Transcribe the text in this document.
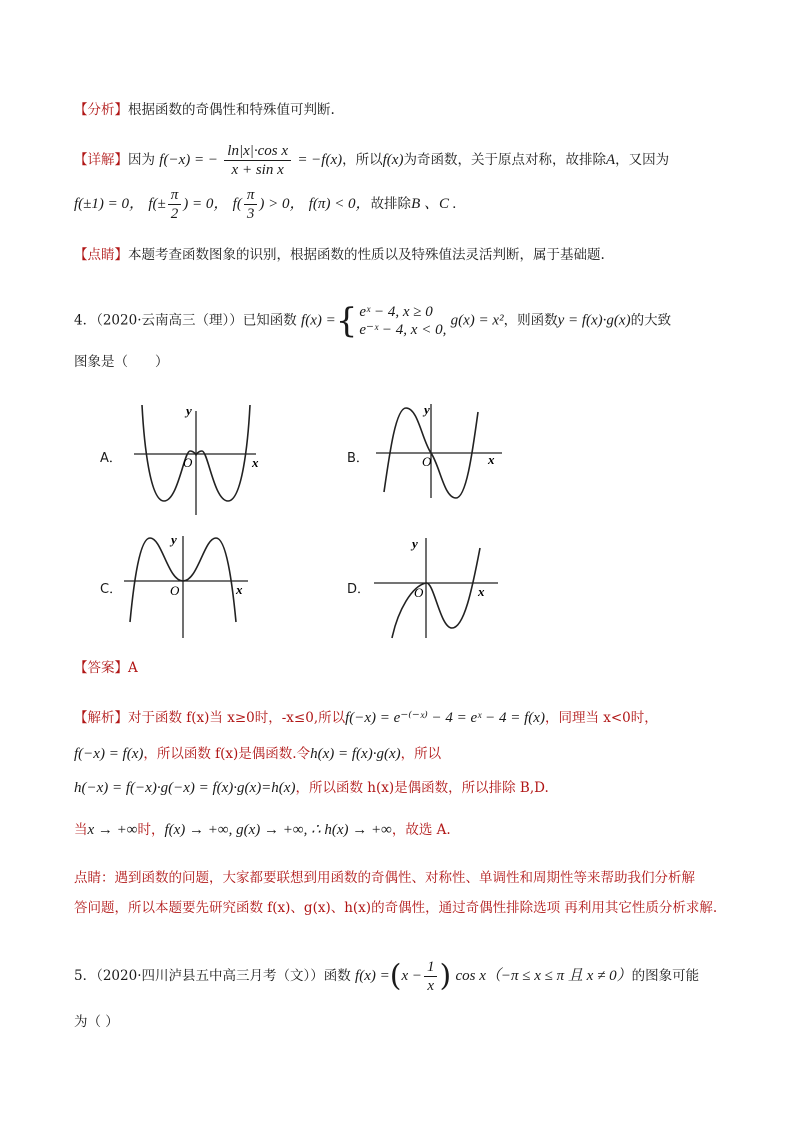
【分析】根据函数的奇偶性和特殊值可判断.
【详解】因为 f(−x) = − $\frac{\text{ln|x|·cos x}}{\text{x + sin x}} = -f(x)$，所以f(x)为奇函数，关于原点对称，故排除A，又因为
f(±1) = 0， $f(\pm \frac{\pi}{2}$ ) = 0， $f( \frac{\pi}{3}$ ) > 0， f(π) < 0，故排除B 、C .
【点睛】本题考查函数图象的识别，根据函数的性质以及特殊值法灵活判断，属于基础题.
4．（2020·云南高三（理））已知函数 f(x) ={ eˣ − 4, x ≥ 0
e⁻ˣ − 4, x < 0,
g(x) = x²，则函数y = f(x)·g(x)的大致
图象是（　　）
A．	B．
C．	D．
y
x
O
y
x
O
y
x
O
y
x
O
【答案】A
【解析】对于函数 f(x)当 x≥0时，-x≤0,所以f(−x) = e⁻⁽⁻ˣ⁾ − 4 = eˣ − 4 = f(x)，同理当 x<0时，
f(−x) = f(x)，所以函数 f(x)是偶函数.令h(x) = f(x)·g(x)，所以
h(−x) = f(−x)·g(−x) = f(x)·g(x)=h(x)，所以函数 h(x)是偶函数，所以排除 B,D.
当x → +∞时，f(x) → +∞, g(x) → +∞, ∴ h(x) → +∞，故选 A.
点睛：遇到函数的问题，大家都要联想到用函数的奇偶性、对称性、单调性和周期性等来帮助我们分析解
答问题，所以本题要先研究函数 f(x)、g(x)、h(x)的奇偶性，通过奇偶性排除选项 再利用其它性质分析求解.
5．（2020·四川泸县五中高三月考（文））函数 $f(x) =(x - \frac{1}{x}$ ) cos x（−π ≤ x ≤ π 且 x ≠ 0）的图象可能
为（ ）
